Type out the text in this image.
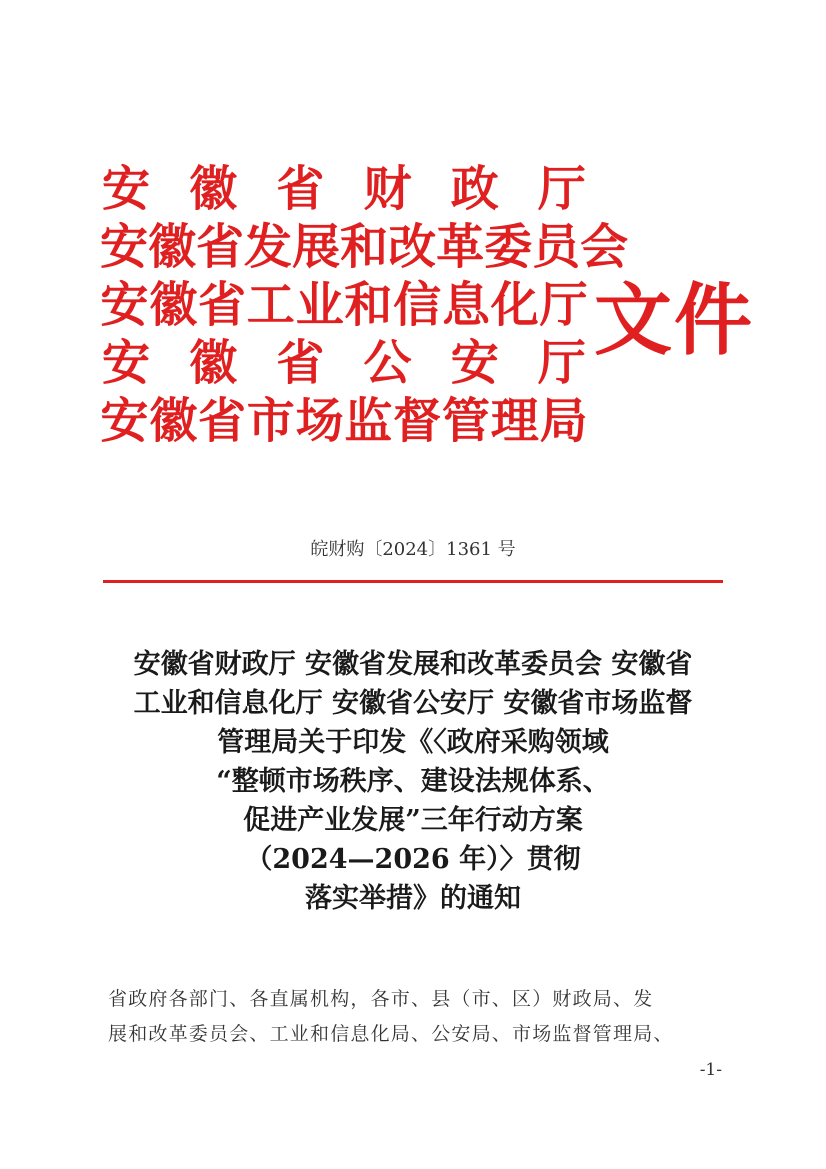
安 徽 省 财 政 厅
安 徽 省 发 展 和 改 革 委 员 会
安 徽 省 工 业 和 信 息 化 厅
安 徽 省 公 安 厅
安 徽 省 市 场 监 督 管 理 局
文件
皖财购〔2024〕1361 号
安徽省财政厅 安徽省发展和改革委员会 安徽省
工业和信息化厅 安徽省公安厅 安徽省市场监督
管理局关于印发《〈政府采购领域
“整顿市场秩序、建设法规体系、
促进产业发展”三年行动方案
（2024—2026 年）〉贯彻
落实举措》的通知
省政府各部门、各直属机构，各市、县（市、区）财政局、发
展和改革委员会、工业和信息化局、公安局、市场监督管理局、
-1-
